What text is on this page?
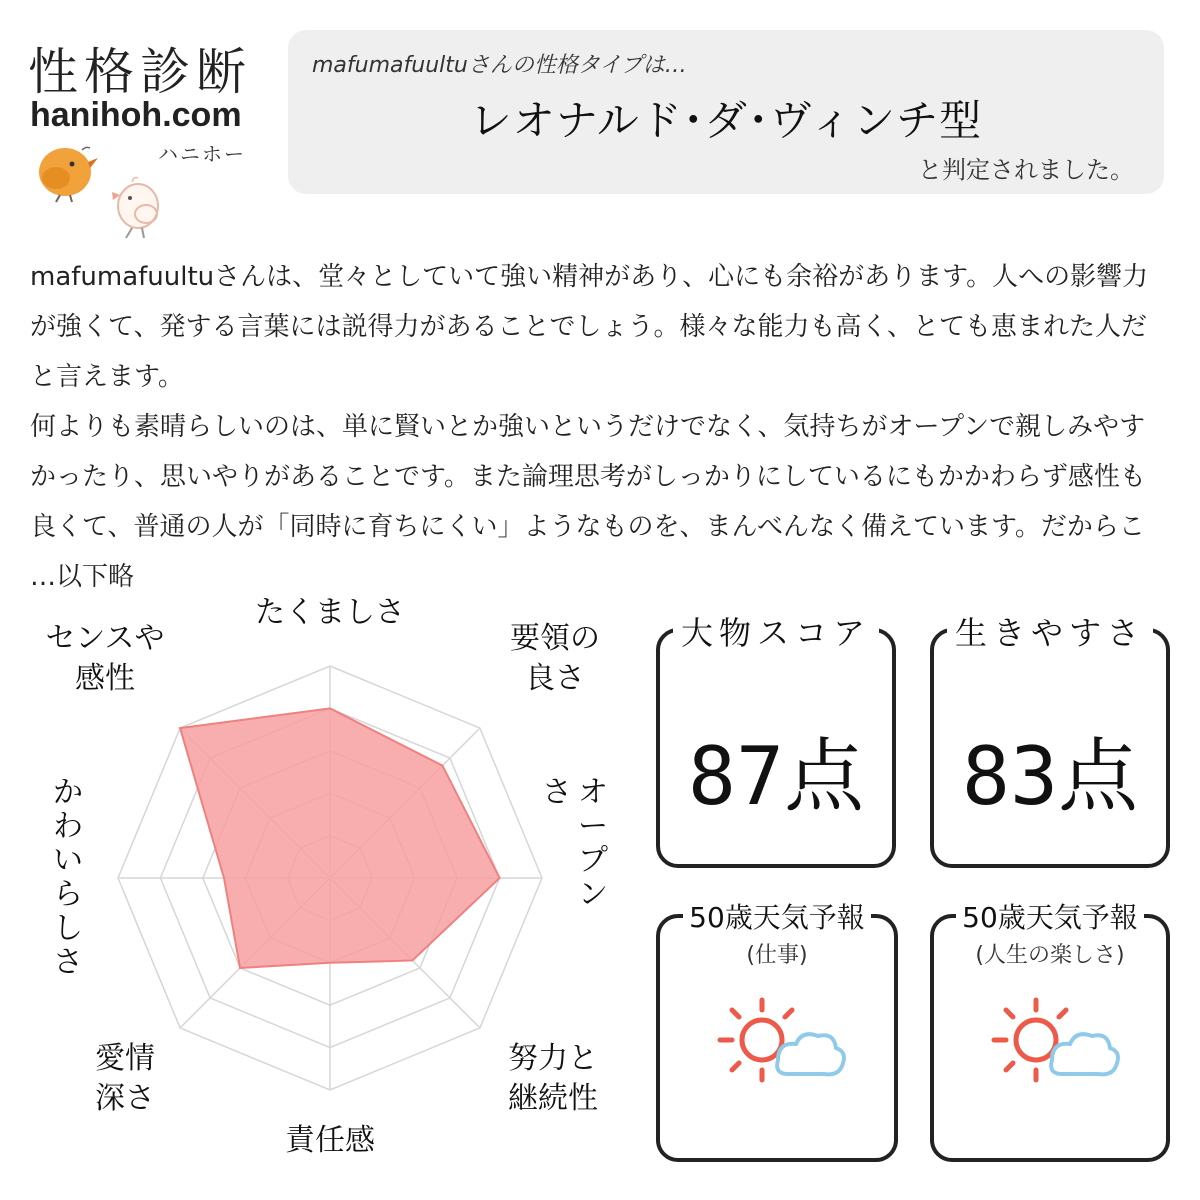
性格診断
hanihoh.com
ハニホー
mafumafuultuさんの性格タイプは…
レオナルド･ダ･ヴィンチ型
と判定されました。

mafumafuultuさんは、堂々としていて強い精神があり、心にも余裕があります。人への影響力が強くて、発する言葉には説得力があることでしょう。様々な能力も高く、とても恵まれた人だと言えます。

何よりも素晴らしいのは、単に賢いとか強いというだけでなく、気持ちがオープンで親しみやすかったり、思いやりがあることです。また論理思考がしっかりにしているにもかかわらず感性も良くて、普通の人が「同時に育ちにくい」ようなものを、まんべんなく備えています。だからこ

…以下略

たくましさ
要領の良さ
オープンさ
努力と継続性
責任感
愛情深さ
かわいらしさ
センスや感性
大物スコア
87点
生きやすさ
83点
50歳天気予報
(仕事)
50歳天気予報
(人生の楽しさ)
